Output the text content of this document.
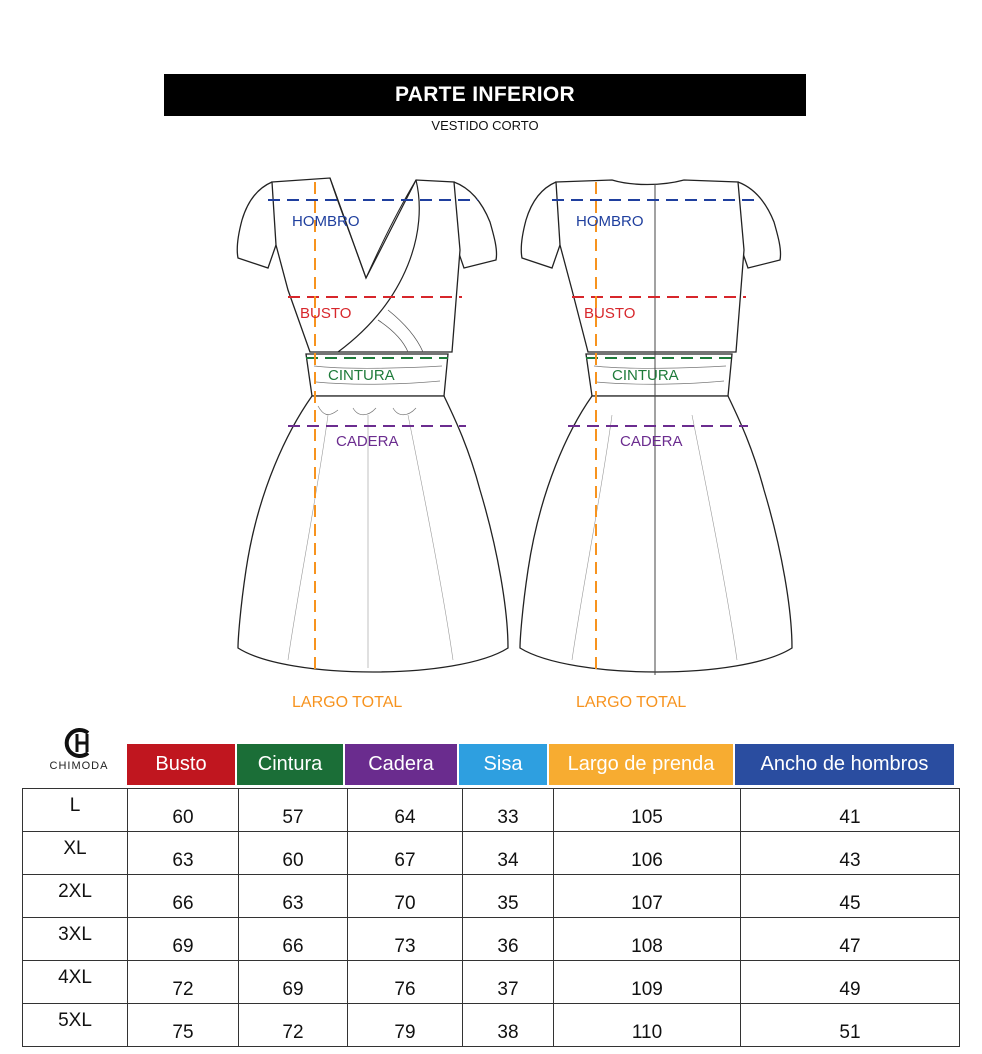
PARTE INFERIOR
VESTIDO CORTO
HOMBRO
BUSTO
CINTURA
CADERA
HOMBRO
BUSTO
CINTURA
CADERA
LARGO TOTAL	LARGO TOTAL
CHIMODA	Busto	Cintura	Cadera	Sisa	Largo de prenda	Ancho de hombros
L	60	57	64	33	105	41
XL	63	60	67	34	106	43
2XL	66	63	70	35	107	45
3XL	69	66	73	36	108	47
4XL	72	69	76	37	109	49
5XL	75	72	79	38	110	51
